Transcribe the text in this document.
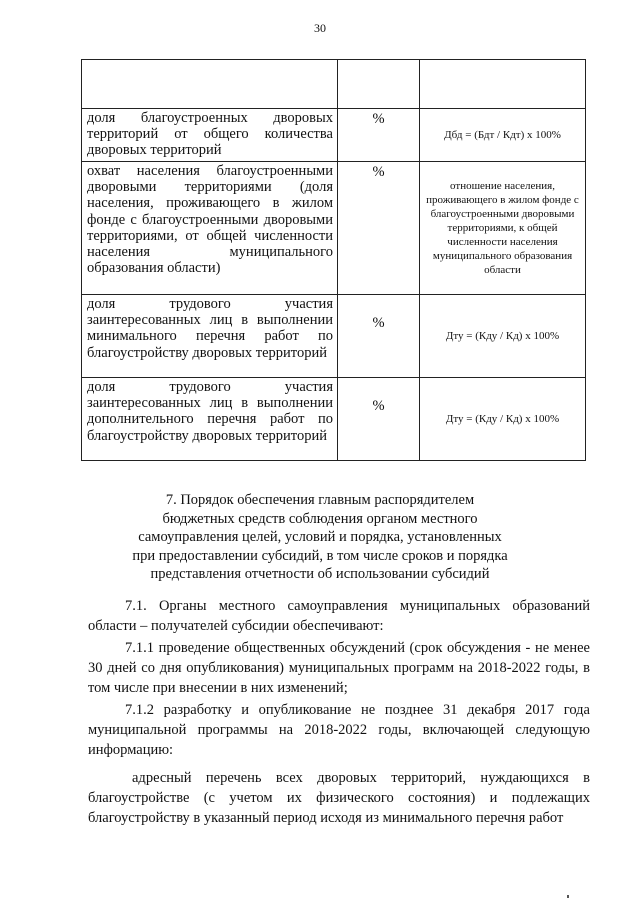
30

доля благоустроенных дворовых территорий от общего количества дворовых территорий	%	Дбд = (Бдт / Кдт) х 100%

охват населения благоустроенными дворовыми территориями (доля населения, проживающего в жилом фонде с благоустроенными дворовыми территориями, от общей численности населения муниципального образования области)	%	отношение населения, проживающего в жилом фонде с благоустроенными дворовыми территориями, к общей численности населения муниципального образования области

доля трудового участия заинтересованных лиц в выполнении минимального перечня работ по благоустройству дворовых территорий	%	Дту = (Кду / Кд) х 100%

доля трудового участия заинтересованных лиц в выполнении дополнительного перечня работ по благоустройству дворовых территорий	%	Дту = (Кду / Кд) х 100%
7. Порядок обеспечения главным распорядителем
бюджетных средств соблюдения органом местного
самоуправления целей, условий и порядка, установленных
при предоставлении субсидий, в том числе сроков и порядка
представления отчетности об использовании субсидий

7.1. Органы местного самоуправления муниципальных образований области – получателей субсидии обеспечивают:

7.1.1 проведение общественных обсуждений (срок обсуждения - не менее 30 дней со дня опубликования) муниципальных программ на 2018-2022 годы, в том числе при внесении в них изменений;

7.1.2 разработку и опубликование не позднее 31 декабря 2017 года муниципальной программы на 2018-2022 годы, включающей следующую информацию:

адресный перечень всех дворовых территорий, нуждающихся в благоустройстве (с учетом их физического состояния) и подлежащих благоустройству в указанный период исходя из минимального перечня работ
